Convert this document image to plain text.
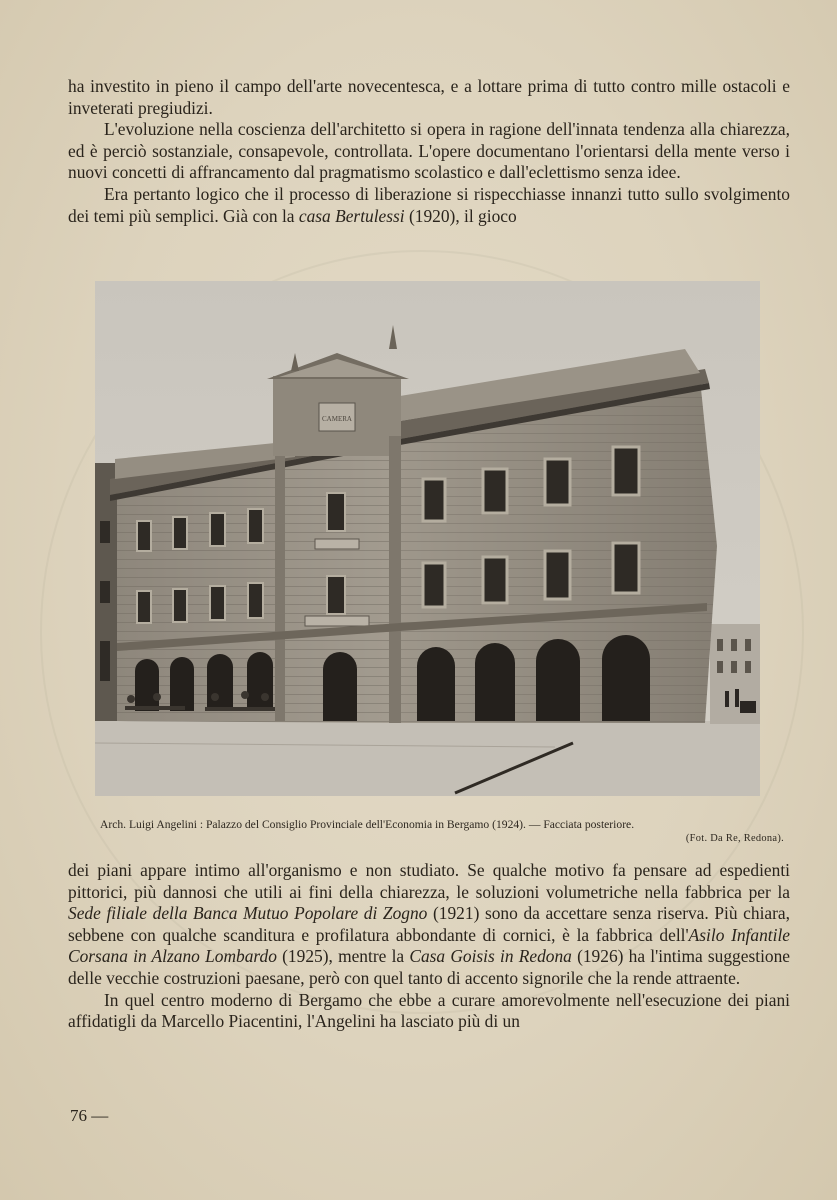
ha investito in pieno il campo dell'arte novecentesca, e a lottare prima di tutto contro mille ostacoli e inveterati pregiudizi.

L'evoluzione nella coscienza dell'architetto si opera in ragione dell'innata tendenza alla chiarezza, ed è perciò sostanziale, consapevole, controllata. L'opere documentano l'orientarsi della mente verso i nuovi concetti di affrancamento dal pragmatismo scolastico e dall'eclettismo senza idee.

Era pertanto logico che il processo di liberazione si rispecchiasse innanzi tutto sullo svolgimento dei temi più semplici. Già con la casa Bertulessi (1920), il gioco

CAMERA
Arch. Luigi Angelini : Palazzo del Consiglio Provinciale dell'Economia in Bergamo (1924). — Facciata posteriore.
(Fot. Da Re, Redona).

dei piani appare intimo all'organismo e non studiato. Se qualche motivo fa pensare ad espedienti pittorici, più dannosi che utili ai fini della chiarezza, le soluzioni volumetriche nella fabbrica per la Sede filiale della Banca Mutuo Popolare di Zogno (1921) sono da accettare senza riserva. Più chiara, sebbene con qualche scanditura e profilatura abbondante di cornici, è la fabbrica dell'Asilo Infantile Corsana in Alzano Lombardo (1925), mentre la Casa Goisis in Redona (1926) ha l'intima suggestione delle vecchie costruzioni paesane, però con quel tanto di accento signorile che la rende attraente.

In quel centro moderno di Bergamo che ebbe a curare amorevolmente nell'esecuzione dei piani affidatigli da Marcello Piacentini, l'Angelini ha lasciato più di un

76 —
